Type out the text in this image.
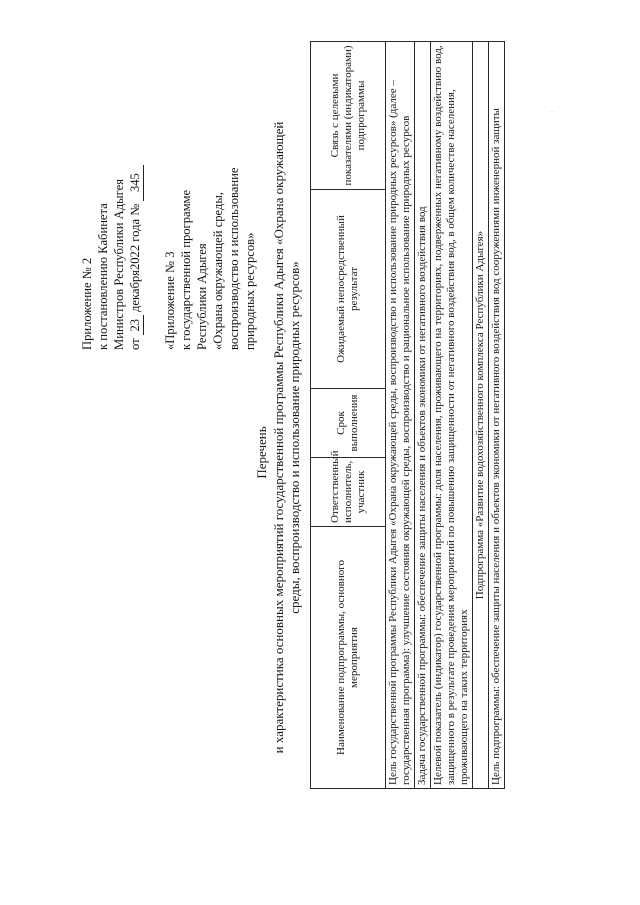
Приложение № 2 к постановлению Кабинета Министров Республики Адыгея от 23 декабря2022 года № 345
«Приложение № 3 к государственной программе
Республики Адыгея
«Охрана окружающей среды, воспроизводство и использование природных ресурсов»
Перечень и характеристика основных мероприятий государственной программы Республики Адыгея «Охрана окружающей среды, воспроизводство и использование природных ресурсов»
Наименование подпрограммы, основного мероприятия	Ответственный исполнитель, участник	Срок выполнения	Ожидаемый непосредственный результат	Связь с целевыми показателями (индикаторами) подпрограммы
Цель государственной программы Республики Адыгея «Охрана окружающей среды, воспроизводство и использование природных ресурсов» (далее – государственная программа): улучшение состояния окружающей среды, воспроизводство и рациональное использование природных ресурсов
Задача государственной программы: обеспечение защиты населения и объектов экономики от негативного воздействия вод
Целевой показатель (индикатор) государственной программы: доля населения, проживающего на территориях, подверженных негативному воздействию вод, защищенного в результате проведения мероприятий по повышению защищенности от негативного воздействия вод, в общем количестве населения, проживающего на таких территориях
Подпрограмма «Развитие водохозяйственного комплекса Республики Адыгея»
Цель подпрограммы: обеспечение защиты населения и объектов экономики от негативного воздействия вод сооружениями инженерной защиты	·
